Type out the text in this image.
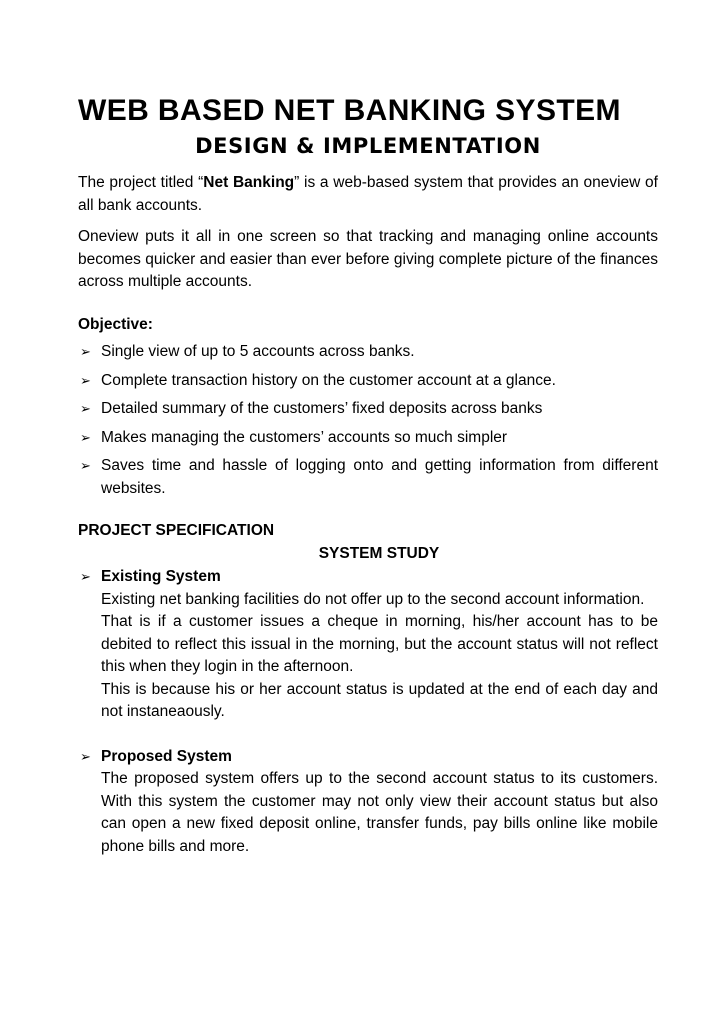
WEB BASED NET BANKING SYSTEM
DESIGN & IMPLEMENTATION

The project titled “Net Banking” is a web-based system that provides an oneview of all bank accounts.

Oneview puts it all in one screen so that tracking and managing online accounts becomes quicker and easier than ever before giving complete picture of the finances across multiple accounts.

Objective:
➢ Single view of up to 5 accounts across banks.
➢ Complete transaction history on the customer account at a glance.
➢ Detailed summary of the customers’ fixed deposits across banks
➢ Makes managing the customers’ accounts so much simpler
➢ Saves time and hassle of logging onto and getting information from different websites.
PROJECT SPECIFICATION
SYSTEM STUDY
➢ Existing System

Existing net banking facilities do not offer up to the second account information.

That is if a customer issues a cheque in morning, his/her account has to be debited to reflect this issual in the morning, but the account status will not reflect this when they login in the afternoon.

This is because his or her account status is updated at the end of each day and not instaneaously.

➢ Proposed System

The proposed system offers up to the second account status to its customers. With this system the customer may not only view their account status but also can open a new fixed deposit online, transfer funds, pay bills online like mobile phone bills and more.
